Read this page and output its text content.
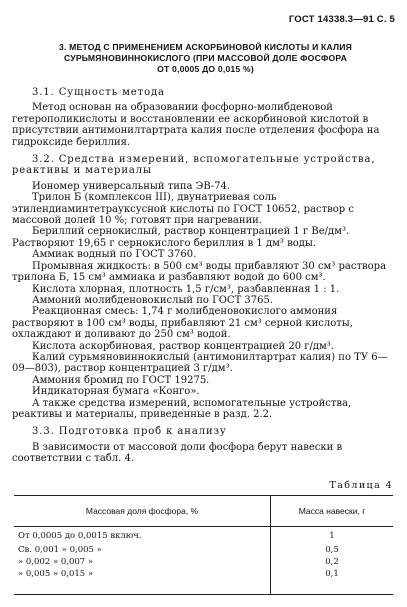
ГОСТ 14338.3—91 С. 5
3. МЕТОД С ПРИМЕНЕНИЕМ АСКОРБИНОВОЙ КИСЛОТЫ И КАЛИЯ
СУРЬМЯНОВИННОКИСЛОГО (ПРИ МАССОВОЙ ДОЛЕ ФОСФОРА
ОТ 0,0005 ДО 0,015 %)

3.1. Сущность метода

Метод основан на образовании фосфорно-молибденовой гетерополикислоты и восстановлении ее аскорбиновой кислотой в присутствии антимонилтартрата калия после отделения фосфора на гидроксиде бериллия.

3.2. Средства измерений, вспомогательные устройства, реактивы и материалы

Иономер универсальный типа ЭВ-74.

Трилон Б (комплексон III), двунатриевая соль этилендиаминтетрауксусной кислоты по ГОСТ 10652, раствор с массовой долей 10 %; готовят при нагревании.

Бериллий сернокислый, раствор концентрацией 1 г Be/дм³. Растворяют 19,65 г сернокислого бериллия в 1 дм³ воды.

Аммиак водный по ГОСТ 3760.

Промывная жидкость: в 500 см³ воды прибавляют 30 см³ раствора трилона Б, 15 см³ аммиака и разбавляют водой до 600 см³.

Кислота хлорная, плотность 1,5 г/см³, разбавленная 1 : 1.

Аммоний молибденовокислый по ГОСТ 3765.

Реакционная смесь: 1,74 г молибденовокислого аммония растворяют в 100 см³ воды, прибавляют 21 см³ серной кислоты, охлаждают и доливают до 250 см³ водой.

Кислота аскорбиновая, раствор концентрацией 20 г/дм³.

Калий сурьмяновиннокислый (антимонилтартрат калия) по ТУ 6—09—803), раствор концентрацией 3 г/дм³.

Аммония бромид по ГОСТ 19275.

Индикаторная бумага «Конго».

А также средства измерений, вспомогательные устройства, реактивы и материалы, приведенные в разд. 2.2.

3.3. Подготовка проб к анализу

В зависимости от массовой доли фосфора берут навески в соответствии с табл. 4.

Таблица 4
Массовая доля фосфора, %	Масса навески, г
От 0,0005 до 0,0015 включ.	1
Св. 0,001 » 0,005 »	0,5
» 0,002 » 0,007 »	0,2
» 0,005 » 0,015 »	0,1
